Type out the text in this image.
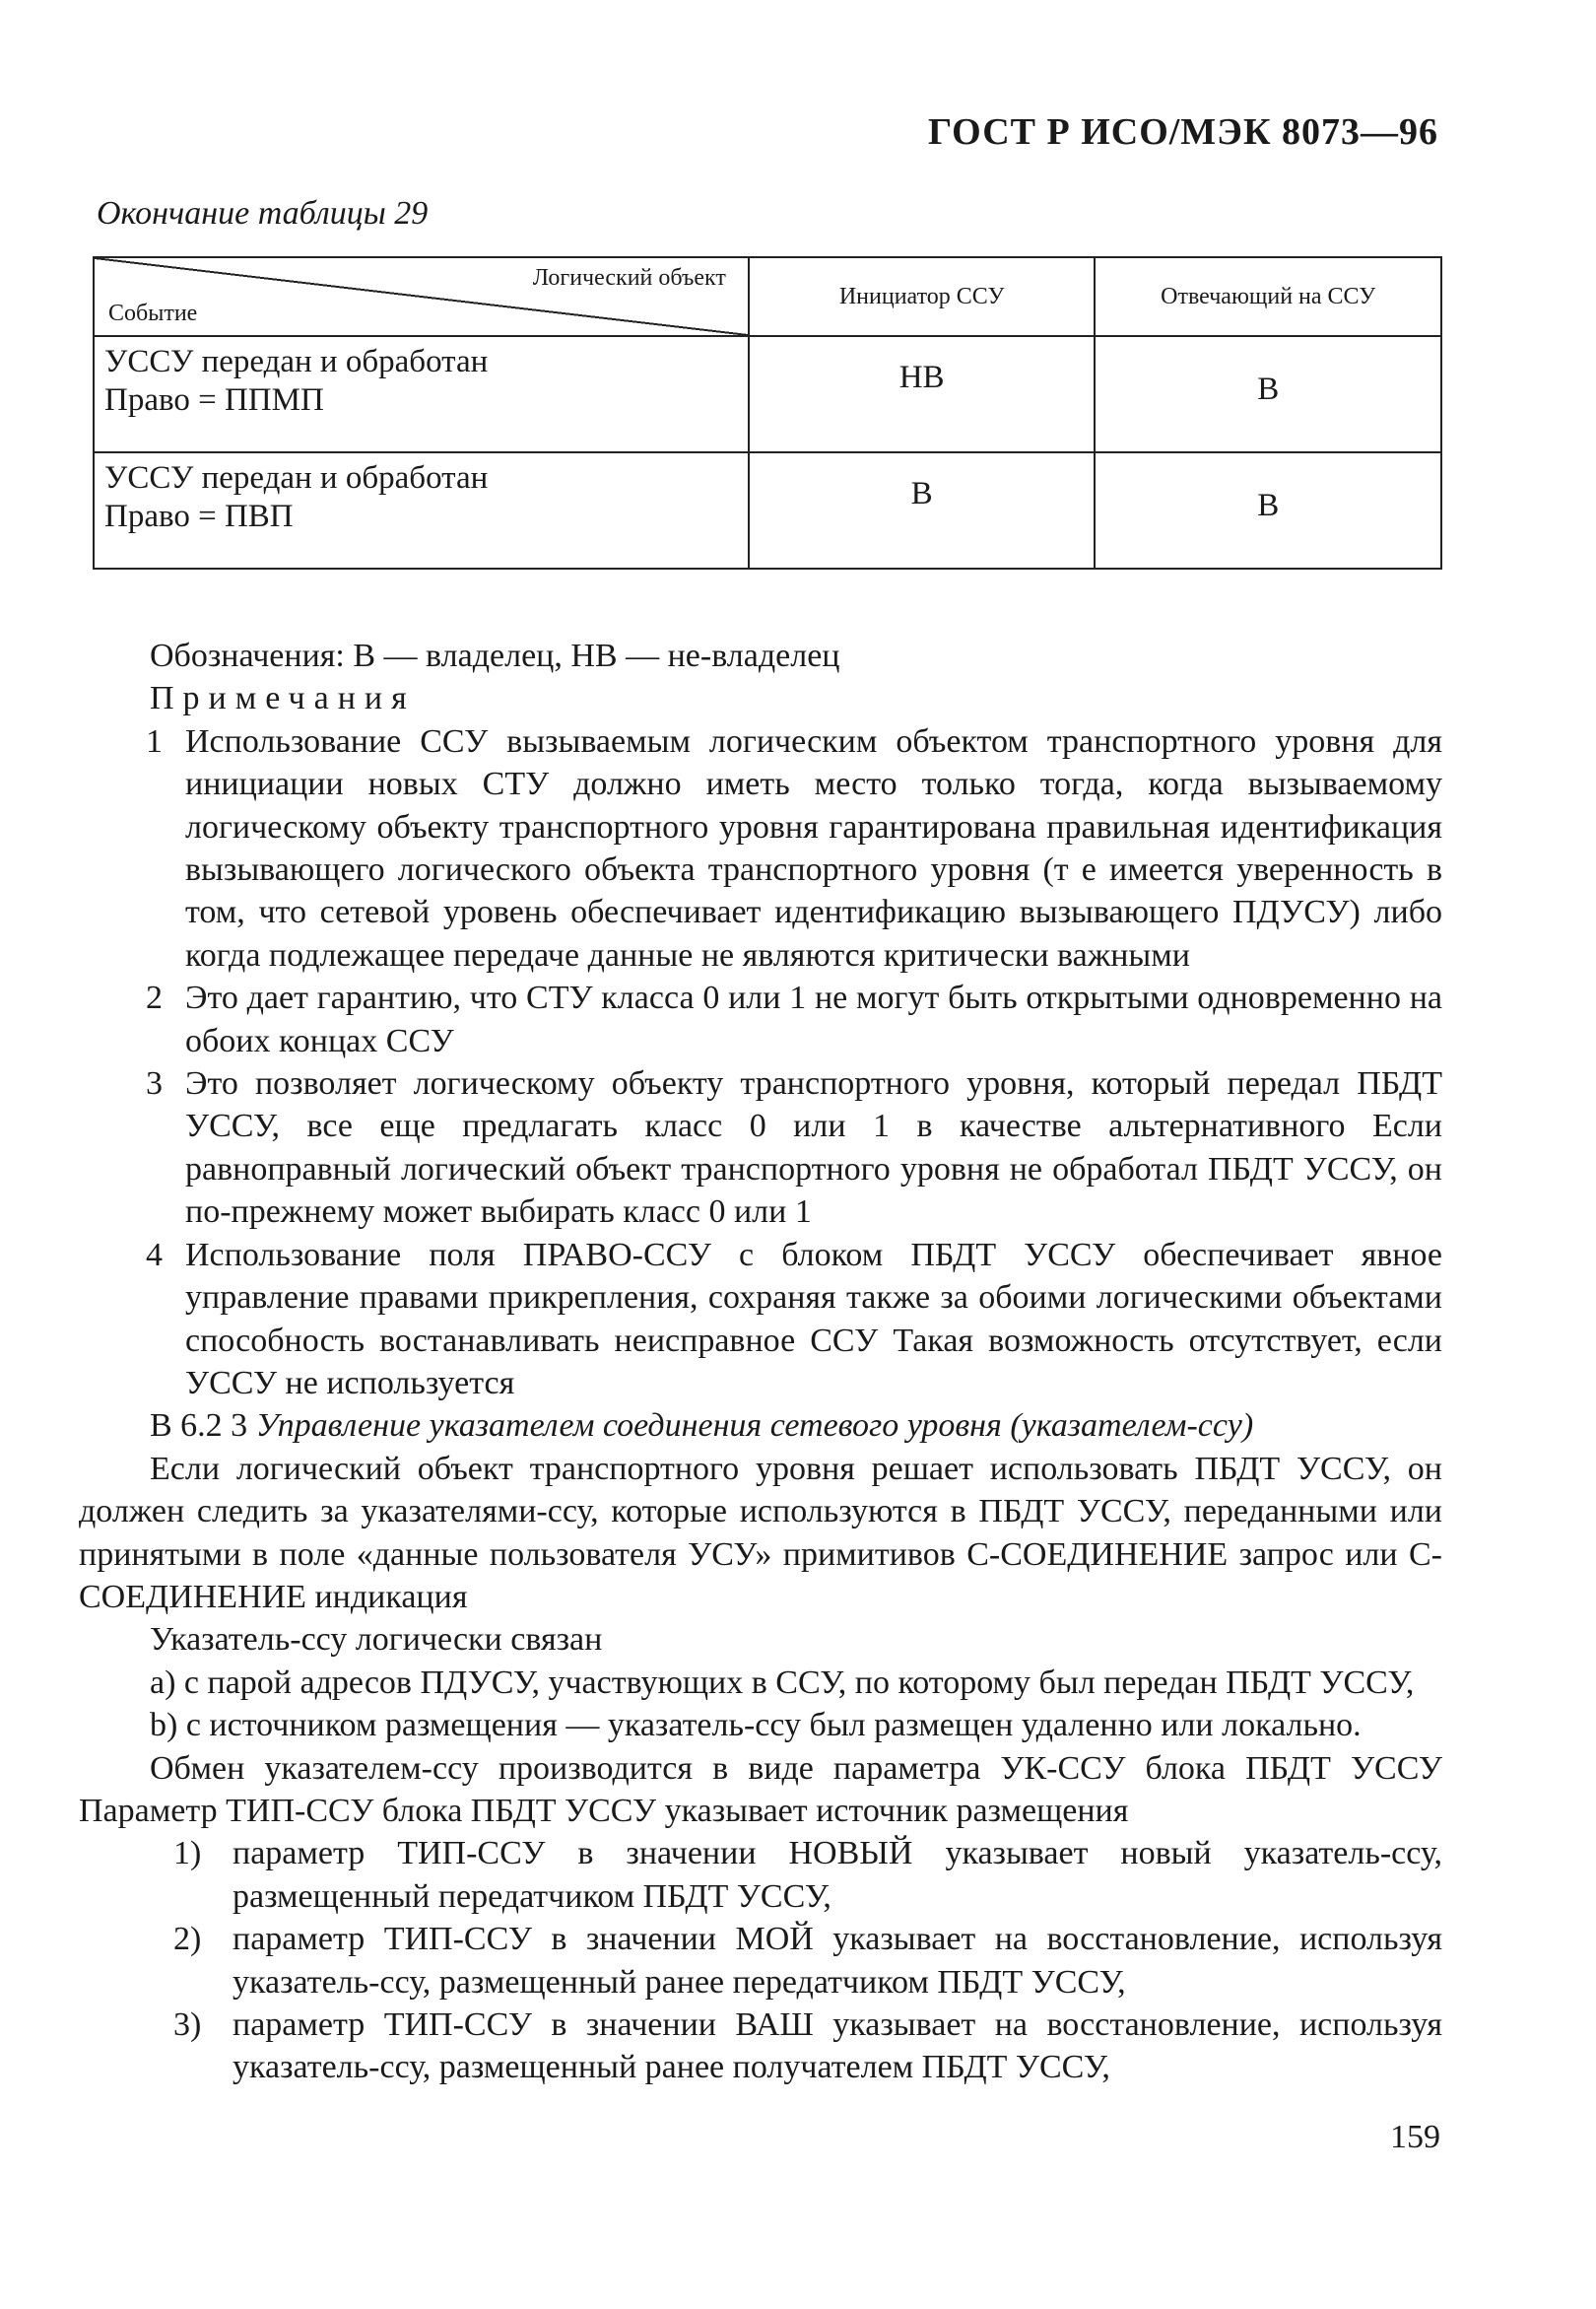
ГОСТ Р ИСО/МЭК 8073—96
Окончание таблицы 29
Логический объект
Событие	Инициатор ССУ	Отвечающий на ССУ

УССУ передан и обработан
Право = ППМП	НВ	В

УССУ передан и обработан
Право = ПВП	В	В

Обозначения: В — владелец, НВ — не-владелец

Примечания

1 Использование ССУ вызываемым логическим объектом транспортного уровня для инициации новых СТУ должно иметь место только тогда, когда вызываемому логическому объекту транспортного уровня гарантирована правильная идентификация вызывающего логического объекта транспортного уровня (т е имеется уверенность в том, что сетевой уровень обеспечивает идентификацию вызывающего ПДУСУ) либо когда подлежащее передаче данные не являются критически важными
2 Это дает гарантию, что СТУ класса 0 или 1 не могут быть открытыми одновременно на обоих концах ССУ
3 Это позволяет логическому объекту транспортного уровня, который передал ПБДТ УССУ, все еще предлагать класс 0 или 1 в качестве альтернативного Если равноправный логический объект транспортного уровня не обработал ПБДТ УССУ, он по-прежнему может выбирать класс 0 или 1
4 Использование поля ПРАВО-ССУ с блоком ПБДТ УССУ обеспечивает явное управление правами прикрепления, сохраняя также за обоими логическими объектами способность востанавливать неисправное ССУ Такая возможность отсутствует, если УССУ не используется

В 6.2 3 Управление указателем соединения сетевого уровня (указателем-ссу)

Если логический объект транспортного уровня решает использовать ПБДТ УССУ, он должен следить за указателями-ссу, которые используются в ПБДТ УССУ, переданными или принятыми в поле «данные пользователя УСУ» примитивов С-СОЕДИНЕНИЕ запрос или С-СОЕДИНЕНИЕ индикация

Указатель-ссу логически связан

а) с парой адресов ПДУСУ, участвующих в ССУ, по которому был передан ПБДТ УССУ,

b) с источником размещения — указатель-ссу был размещен удаленно или локально.

Обмен указателем-ссу производится в виде параметра УК-ССУ блока ПБДТ УССУ Параметр ТИП-ССУ блока ПБДТ УССУ указывает источник размещения

1) параметр ТИП-ССУ в значении НОВЫЙ указывает новый указатель-ссу, размещенный передатчиком ПБДТ УССУ,
2) параметр ТИП-ССУ в значении МОЙ указывает на восстановление, используя указатель-ссу, размещенный ранее передатчиком ПБДТ УССУ,
3) параметр ТИП-ССУ в значении ВАШ указывает на восстановление, используя указатель-ссу, размещенный ранее получателем ПБДТ УССУ,
159
